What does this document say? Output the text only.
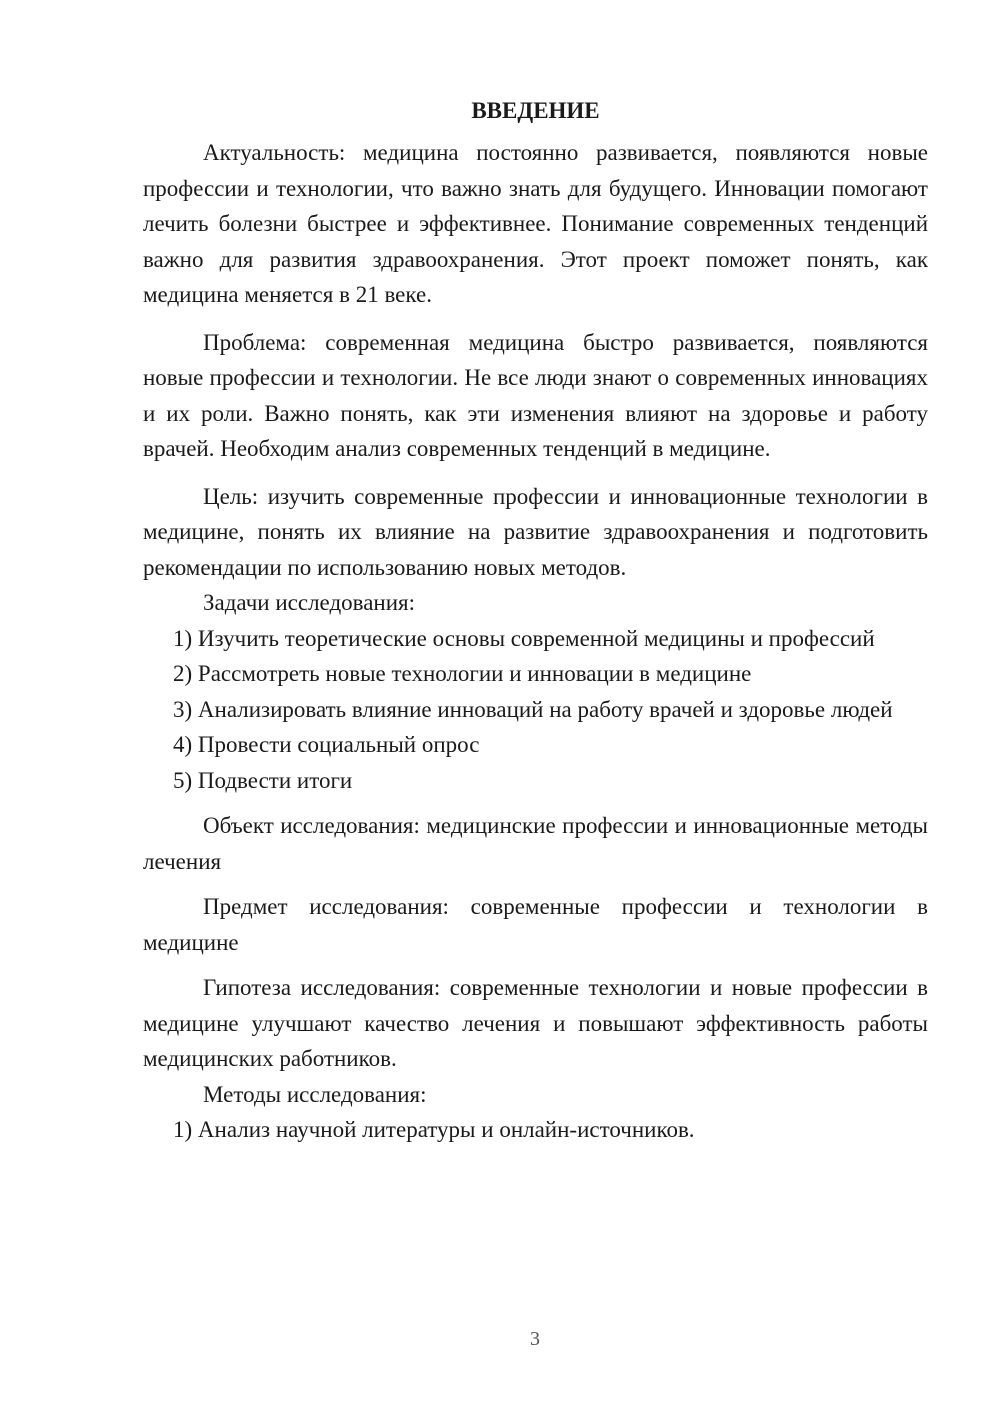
ВВЕДЕНИЕ

Актуальность: медицина постоянно развивается, появляются новые профессии и технологии, что важно знать для будущего. Инновации помогают лечить болезни быстрее и эффективнее. Понимание современных тенденций важно для развития здравоохранения. Этот проект поможет понять, как медицина меняется в 21 веке.

Проблема: современная медицина быстро развивается, появляются новые профессии и технологии. Не все люди знают о современных инновациях и их роли. Важно понять, как эти изменения влияют на здоровье и работу врачей. Необходим анализ современных тенденций в медицине.

Цель: изучить современные профессии и инновационные технологии в медицине, понять их влияние на развитие здравоохранения и подготовить рекомендации по использованию новых методов.

Задачи исследования:

1) Изучить теоретические основы современной медицины и профессий

2) Рассмотреть новые технологии и инновации в медицине

3) Анализировать влияние инноваций на работу врачей и здоровье людей

4) Провести социальный опрос

5) Подвести итоги

Объект исследования: медицинские профессии и инновационные методы лечения

Предмет исследования: современные профессии и технологии в медицине

Гипотеза исследования: современные технологии и новые профессии в медицине улучшают качество лечения и повышают эффективность работы медицинских работников.

Методы исследования:

1) Анализ научной литературы и онлайн-источников.

3
